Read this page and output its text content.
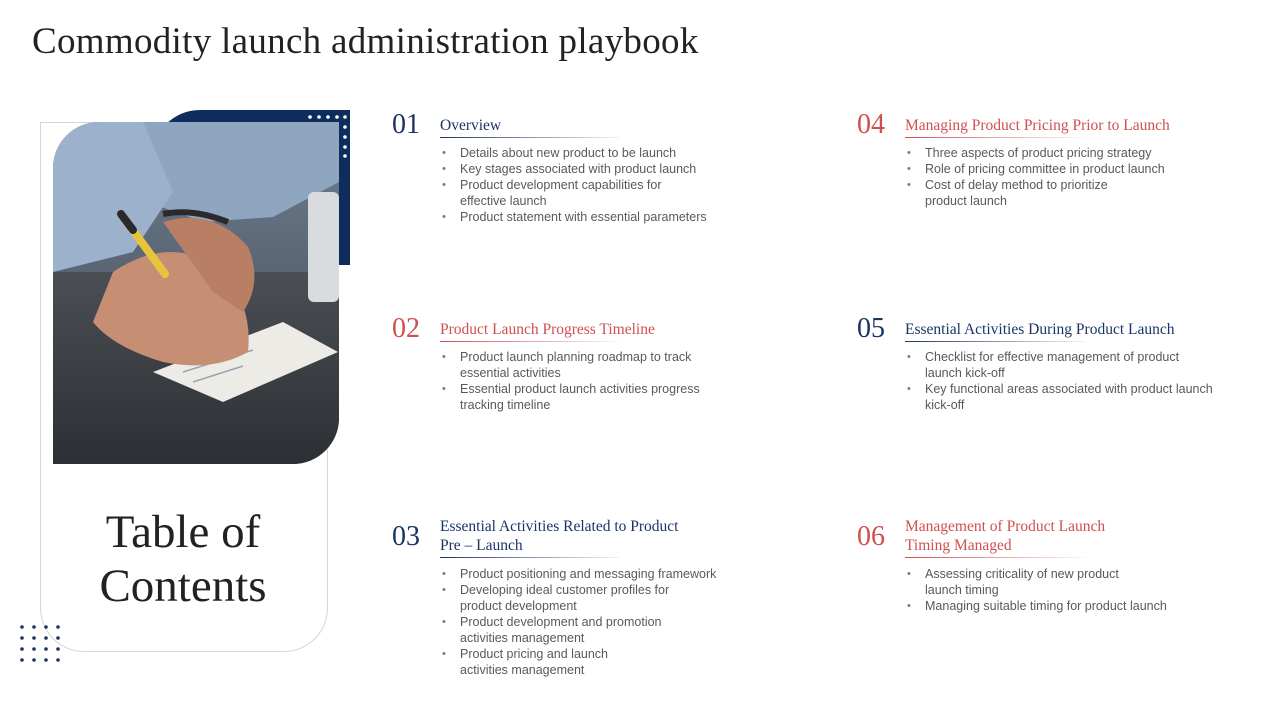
Commodity launch administration playbook
Table of
Contents
01 Overview
• Details about new product to be launch
• Key stages associated with product launch
• Product development capabilities for
effective launch
• Product statement with essential parameters
02 Product Launch Progress Timeline
• Product launch planning roadmap to track
essential activities
• Essential product launch activities progress
tracking timeline
03 Essential Activities Related to Product
Pre – Launch
• Product positioning and messaging framework
• Developing ideal customer profiles for
product development
• Product development and promotion
activities management
• Product pricing and launch
activities management
04 Managing Product Pricing Prior to Launch
• Three aspects of product pricing strategy
• Role of pricing committee in product launch
• Cost of delay method to prioritize
product launch
05 Essential Activities During Product Launch
• Checklist for effective management of product
launch kick-off
• Key functional areas associated with product launch
kick-off
06 Management of Product Launch
Timing Managed
• Assessing criticality of new product
launch timing
• Managing suitable timing for product launch
